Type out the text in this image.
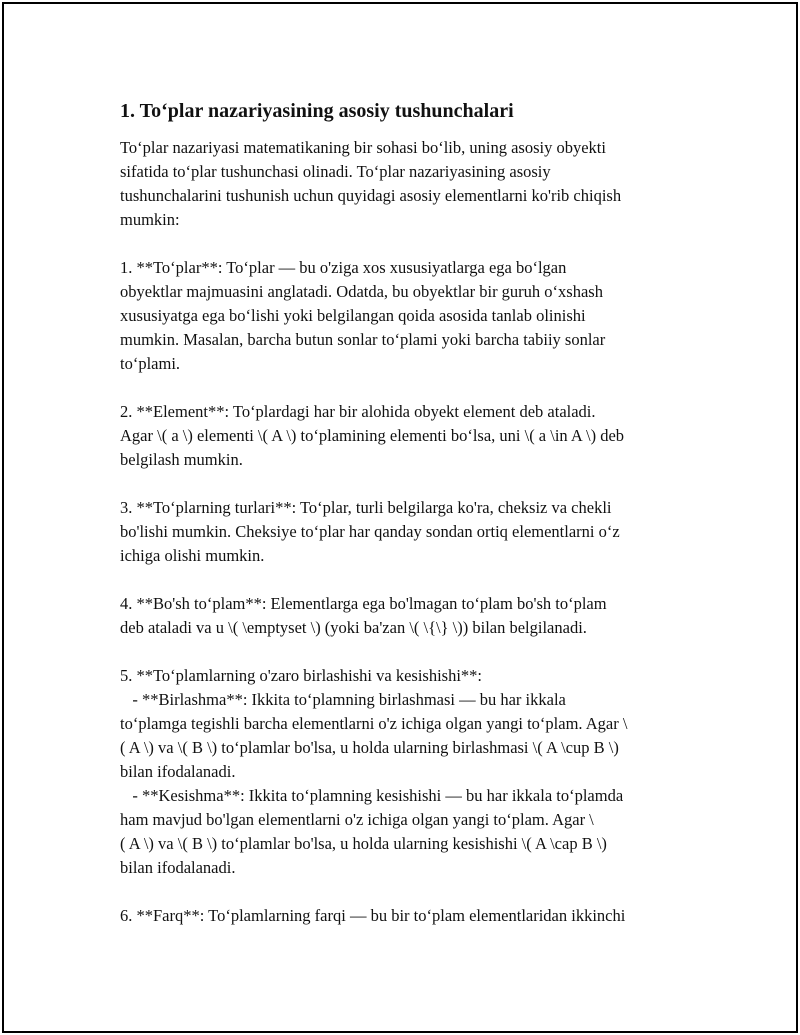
1. To‘plar nazariyasining asosiy tushunchalari

To‘plar nazariyasi matematikaning bir sohasi bo‘lib, uning asosiy obyekti
sifatida to‘plar tushunchasi olinadi. To‘plar nazariyasining asosiy
tushunchalarini tushunish uchun quyidagi asosiy elementlarni ko'rib chiqish
mumkin:

1. **To‘plar**: To‘plar — bu o'ziga xos xususiyatlarga ega bo‘lgan
obyektlar majmuasini anglatadi. Odatda, bu obyektlar bir guruh o‘xshash
xususiyatga ega bo‘lishi yoki belgilangan qoida asosida tanlab olinishi
mumkin. Masalan, barcha butun sonlar to‘plami yoki barcha tabiiy sonlar
to‘plami.

2. **Element**: To‘plardagi har bir alohida obyekt element deb ataladi.
Agar \( a \) elementi \( A \) to‘plamining elementi bo‘lsa, uni \( a \in A \) deb
belgilash mumkin.

3. **To‘plarning turlari**: To‘plar, turli belgilarga ko'ra, cheksiz va chekli
bo'lishi mumkin. Cheksiye to‘plar har qanday sondan ortiq elementlarni o‘z
ichiga olishi mumkin.

4. **Bo'sh to‘plam**: Elementlarga ega bo'lmagan to‘plam bo'sh to‘plam
deb ataladi va u \( \emptyset \) (yoki ba'zan \( \{\} \)) bilan belgilanadi.

5. **To‘plamlarning o'zaro birlashishi va kesishishi**:
- **Birlashma**: Ikkita to‘plamning birlashmasi — bu har ikkala
to‘plamga tegishli barcha elementlarni o'z ichiga olgan yangi to‘plam. Agar \
( A \) va \( B \) to‘plamlar bo'lsa, u holda ularning birlashmasi \( A \cup B \)
bilan ifodalanadi.
- **Kesishma**: Ikkita to‘plamning kesishishi — bu har ikkala to‘plamda
ham mavjud bo'lgan elementlarni o'z ichiga olgan yangi to‘plam. Agar \
( A \) va \( B \) to‘plamlar bo'lsa, u holda ularning kesishishi \( A \cap B \)
bilan ifodalanadi.

6. **Farq**: To‘plamlarning farqi — bu bir to‘plam elementlaridan ikkinchi
